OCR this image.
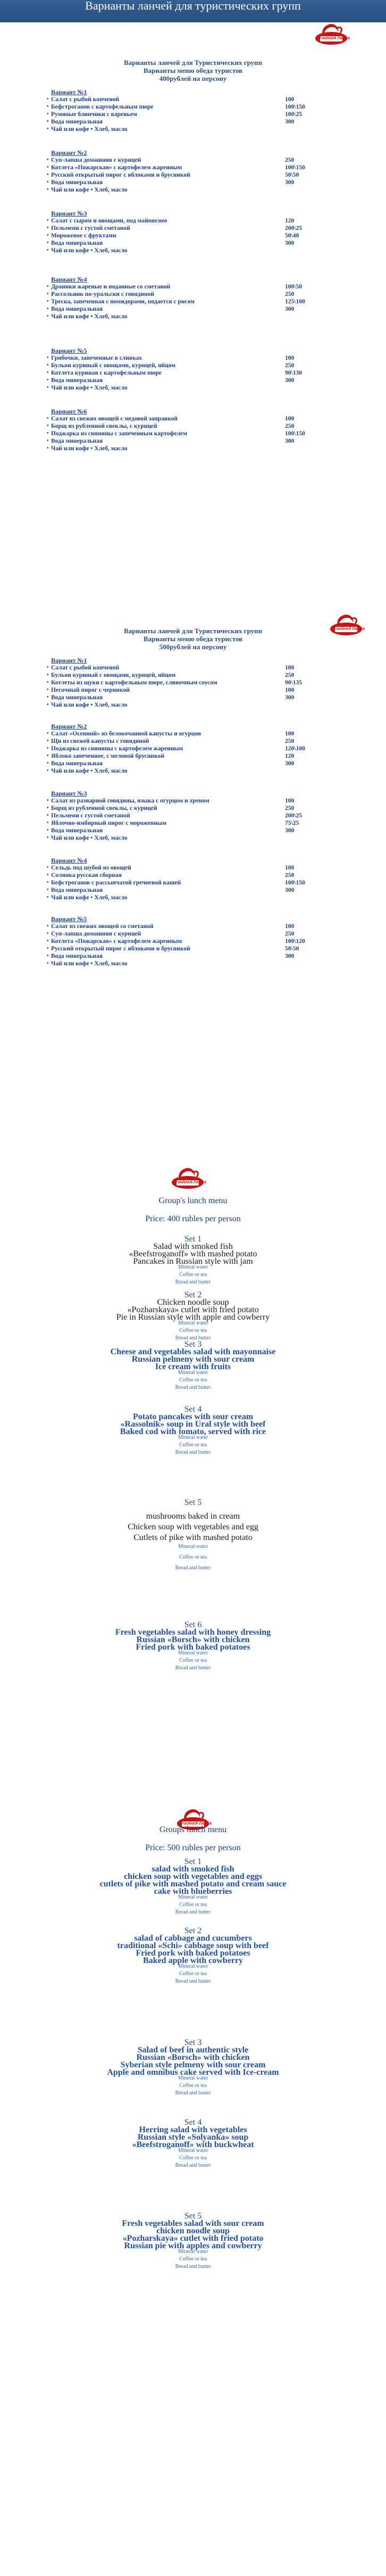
Варианты ланчей для туристических групп
ЧАЙНАЯ ЛАВКА
ЧАЙНАЯ ЛАВКА
ЧАЙНАЯ ЛАВКА
ЧАЙНАЯ ЛАВКА
Варианты ланчей для Туристических групп
Варианты меню обеда туристов
400рублей на персону
Вариант №1
• Салат с рыбой копченой	100
• Бефстроганов с картофельным пюре	100\150
• Румяные блинчики с вареньем	100\25
• Вода минеральная	300
• Чай или кофе • Хлеб, масло
Вариант №2
• Суп-лапша домашняя с курицей	250
• Котлета «Пожарская» с картофелем жаренным	100\150
• Русский открытый пирог с яблоками и брусникой	50\50
• Вода минеральная	300
• Чай или кофе • Хлеб, масло
Вариант №3
• Салат с сыром и овощами, под майонезом	120
• Пельмени с густой сметаной	200\25
• Мороженое с фруктами	50\40
• Вода минеральная	300
• Чай или кофе • Хлеб, масло
Вариант №4
• Драники жареные и поданные со сметаной	100\50
• Рассольник по-уральски с говядиной	250
• Треска, запеченная с помидорами, подается с рисом	125\100
• Вода минеральная	300
• Чай или кофе • Хлеб, масло
Вариант №5
• Грибочки, запеченные в сливках	100
• Бульон куриный с овощами, курицей, яйцом	250
• Котлета куриная с картофельным пюре	90\130
• Вода минеральная	300
• Чай или кофе • Хлеб, масло
Вариант №6
• Салат из свежих овощей с медовой заправкой	100
• Борщ из рубленной свеклы, с курицей	250
• Поджарка из свинины с запеченным картофелем	100\150
• Вода минеральная	300
• Чай или кофе • Хлеб, масло
Варианты ланчей для Туристических групп
Варианты меню обеда туристов
500рублей на персону
Вариант №1
• Салат с рыбой копченой	100
• Бульон куриный с овощами, курицей, яйцом	250
• Котлеты из щуки с картофельным пюре, сливочным соусом	90\135
• Песочный пирог с черникой	100
• Вода минеральная	300
• Чай или кофе • Хлеб, масло
Вариант №2
• Салат «Осенний» из белокочанной капусты и огурцов	100
• Щи из свежей капусты с говядиной	250
• Поджарка из свинины с картофелем жаренным	120\100
• Яблоко запеченное, с меловой брусникой	120
• Вода минеральная	300
• Чай или кофе • Хлеб, масло
Вариант №3
• Салат из разварной говядины, языка с огурцом и хреном	100
• Борщ из рубленной свеклы, с курицей	250
• Пельмени с густой сметаной	200\25
• Яблочно-имбирный пирог с мороженным	75\25
• Вода минеральная	300
• Чай или кофе • Хлеб, масло
Вариант №4
• Сельдь под шубой из овощей	100
• Солянка русская сборная	250
• Бефстроганов с рассыпчатой гречневой кашей	100\150
• Вода минеральная	300
• Чай или кофе • Хлеб, масло
Вариант №5
• Салат из свежих овощей со сметаной	100
• Суп-лапша домашняя с курицей	250
• Котлета «Пожарская» с картофелем жаренным	100\120
• Русский открытый пирог с яблоками и брусникой	50\50
• Вода минеральная	300
• Чай или кофе • Хлеб, масло
Group's lunch menu
Price: 400 rubles per person
Set 1
Salad with smoked fish
«Beefstroganoff» with mashed potato
Pancakes in Russian style with jam
Mineral water
Coffee or tea
Bread and butter
Set 2
Chicken noodle soup
«Pozharskaya» cutlet with fried potato
Pie in Russian style with apple and cowberry
Mineral water
Coffee or tea
Bread and butter
Set 3
Cheese and vegetables salad with mayonnaise
Russian pelmeny with sour cream
Ice cream with fruits
Mineral water
Coffee or tea
Bread and butter
Set 4
Potato pancakes with sour cream
«Rassolnik» soup in Ural style with beef
Baked cod with tomato, served with rice
Mineral water
Coffee or tea
Bread and butter
Set 5
mushrooms baked in cream
Chicken soup with vegetables and egg
Cutlets of pike with mashed potato
Mineral water
Coffee or tea
Bread and butter
Set 6
Fresh vegetables salad with honey dressing
Russian «Borsch» with chicken
Fried pork with baked potatoes
Mineral water
Coffee or tea
Bread and butter
Groups lunch menu
Price: 500 rubles per person
Set 1
salad with smoked fish
chicken soup with vegetables and eggs
cutlets of pike with mashed potato and cream sauce
cake with blueberries
Mineral water
Coffee or tea
Bread and butter
Set 2
salad of cabbage and cucumbers
traditional «Schi» cabbage soup with beef
Fried pork with baked potatoes
Baked apple with cowberry
Mineral water
Coffee or tea
Bread and butter
Set 3
Salad of beef in authentic style
Russian «Borsch» with chicken
Syberian style pelmeny with sour cream
Apple and omnibus cake served with Ice-cream
Mineral water
Coffee or tea
Bread and butter
Set 4
Herring salad with vegetables
Russian style «Solyanka» soup
«Beefstroganoff» with buckwheat
Mineral water
Coffee or tea
Bread and butter
Set 5
Fresh vegetables salad with sour cream
chicken noodle soup
«Pozharskaya» cutlet with fried potato
Russian pie with apples and cowberry
Mineral water
Coffee or tea
Bread and butter
